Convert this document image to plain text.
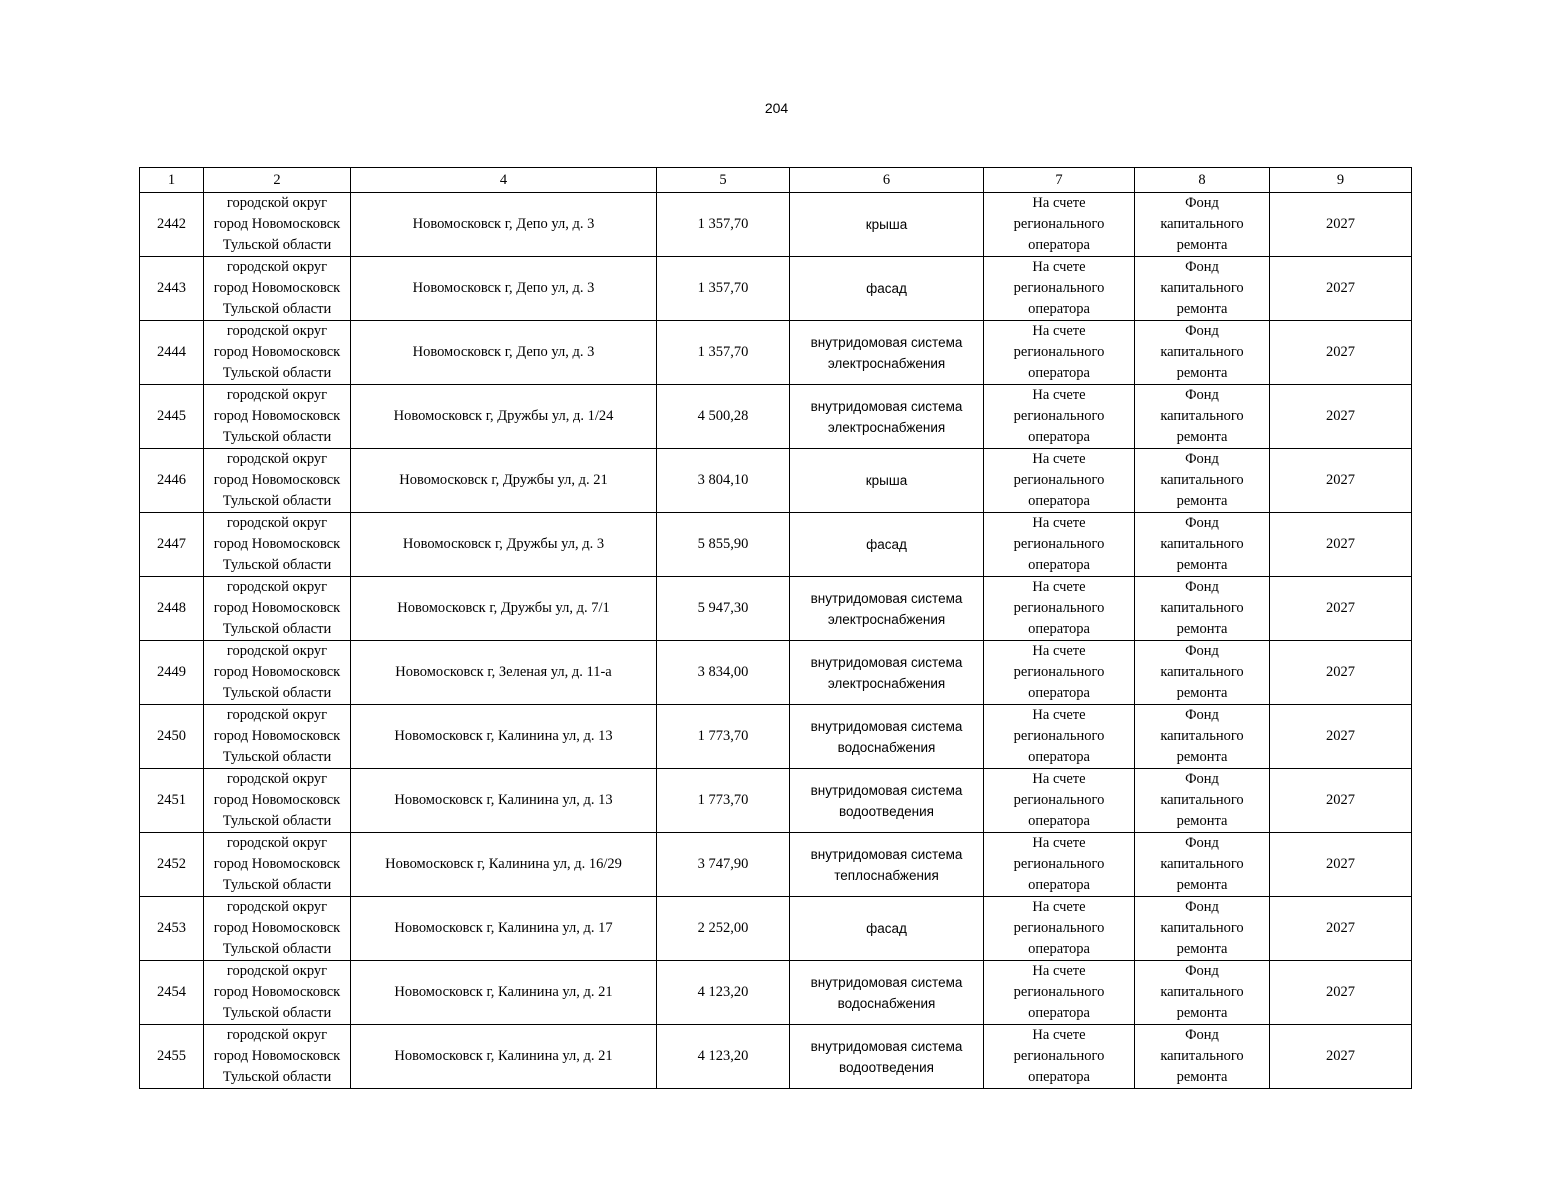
204
1	2	4	5	6	7	8	9
2442	городской округ
город Новомосковск
Тульской области	Новомосковск г, Депо ул, д. 3	1 357,70	крыша	На счете
регионального
оператора	Фонд
капитального
ремонта	2027
2443	городской округ
город Новомосковск
Тульской области	Новомосковск г, Депо ул, д. 3	1 357,70	фасад	На счете
регионального
оператора	Фонд
капитального
ремонта	2027
2444	городской округ
город Новомосковск
Тульской области	Новомосковск г, Депо ул, д. 3	1 357,70	внутридомовая система
электроснабжения	На счете
регионального
оператора	Фонд
капитального
ремонта	2027
2445	городской округ
город Новомосковск
Тульской области	Новомосковск г, Дружбы ул, д. 1/24	4 500,28	внутридомовая система
электроснабжения	На счете
регионального
оператора	Фонд
капитального
ремонта	2027
2446	городской округ
город Новомосковск
Тульской области	Новомосковск г, Дружбы ул, д. 21	3 804,10	крыша	На счете
регионального
оператора	Фонд
капитального
ремонта	2027
2447	городской округ
город Новомосковск
Тульской области	Новомосковск г, Дружбы ул, д. 3	5 855,90	фасад	На счете
регионального
оператора	Фонд
капитального
ремонта	2027
2448	городской округ
город Новомосковск
Тульской области	Новомосковск г, Дружбы ул, д. 7/1	5 947,30	внутридомовая система
электроснабжения	На счете
регионального
оператора	Фонд
капитального
ремонта	2027
2449	городской округ
город Новомосковск
Тульской области	Новомосковск г, Зеленая ул, д. 11-а	3 834,00	внутридомовая система
электроснабжения	На счете
регионального
оператора	Фонд
капитального
ремонта	2027
2450	городской округ
город Новомосковск
Тульской области	Новомосковск г, Калинина ул, д. 13	1 773,70	внутридомовая система
водоснабжения	На счете
регионального
оператора	Фонд
капитального
ремонта	2027
2451	городской округ
город Новомосковск
Тульской области	Новомосковск г, Калинина ул, д. 13	1 773,70	внутридомовая система
водоотведения	На счете
регионального
оператора	Фонд
капитального
ремонта	2027
2452	городской округ
город Новомосковск
Тульской области	Новомосковск г, Калинина ул, д. 16/29	3 747,90	внутридомовая система
теплоснабжения	На счете
регионального
оператора	Фонд
капитального
ремонта	2027
2453	городской округ
город Новомосковск
Тульской области	Новомосковск г, Калинина ул, д. 17	2 252,00	фасад	На счете
регионального
оператора	Фонд
капитального
ремонта	2027
2454	городской округ
город Новомосковск
Тульской области	Новомосковск г, Калинина ул, д. 21	4 123,20	внутридомовая система
водоснабжения	На счете
регионального
оператора	Фонд
капитального
ремонта	2027
2455	городской округ
город Новомосковск
Тульской области	Новомосковск г, Калинина ул, д. 21	4 123,20	внутридомовая система
водоотведения	На счете
регионального
оператора	Фонд
капитального
ремонта	2027
